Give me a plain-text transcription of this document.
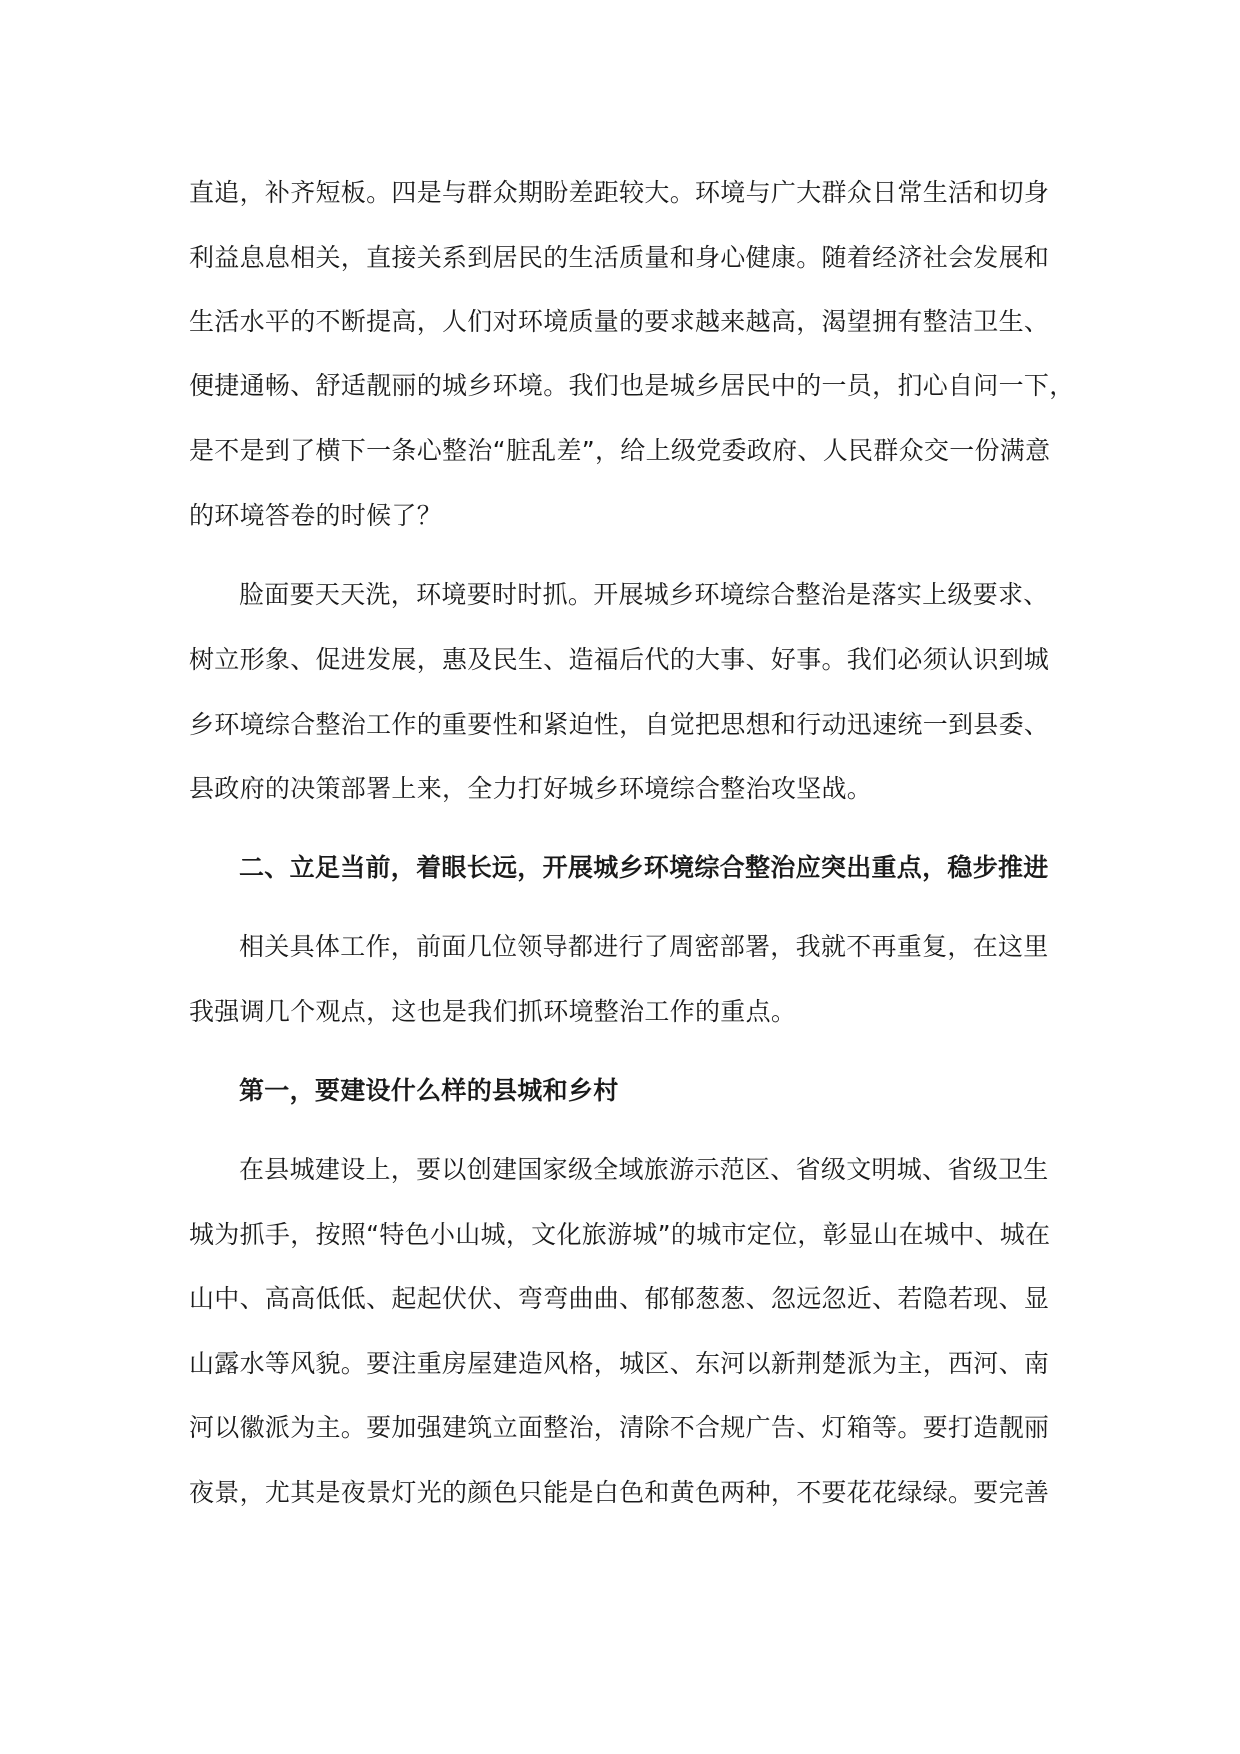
直追，补齐短板。四是与群众期盼差距较大。环境与广大群众日常生活和切身
利益息息相关，直接关系到居民的生活质量和身心健康。随着经济社会发展和
生活水平的不断提高，人们对环境质量的要求越来越高，渴望拥有整洁卫生、
便捷通畅、舒适靓丽的城乡环境。我们也是城乡居民中的一员，扪心自问一下，
是不是到了横下一条心整治“脏乱差”，给上级党委政府、人民群众交一份满意
的环境答卷的时候了？
脸面要天天洗，环境要时时抓。开展城乡环境综合整治是落实上级要求、
树立形象、促进发展，惠及民生、造福后代的大事、好事。我们必须认识到城
乡环境综合整治工作的重要性和紧迫性，自觉把思想和行动迅速统一到县委、
县政府的决策部署上来，全力打好城乡环境综合整治攻坚战。
二、立足当前，着眼长远，开展城乡环境综合整治应突出重点，稳步推进
相关具体工作，前面几位领导都进行了周密部署，我就不再重复，在这里
我强调几个观点，这也是我们抓环境整治工作的重点。
第一，要建设什么样的县城和乡村
在县城建设上，要以创建国家级全域旅游示范区、省级文明城、省级卫生
城为抓手，按照“特色小山城，文化旅游城”的城市定位，彰显山在城中、城在
山中、高高低低、起起伏伏、弯弯曲曲、郁郁葱葱、忽远忽近、若隐若现、显
山露水等风貌。要注重房屋建造风格，城区、东河以新荆楚派为主，西河、南
河以徽派为主。要加强建筑立面整治，清除不合规广告、灯箱等。要打造靓丽
夜景，尤其是夜景灯光的颜色只能是白色和黄色两种，不要花花绿绿。要完善
